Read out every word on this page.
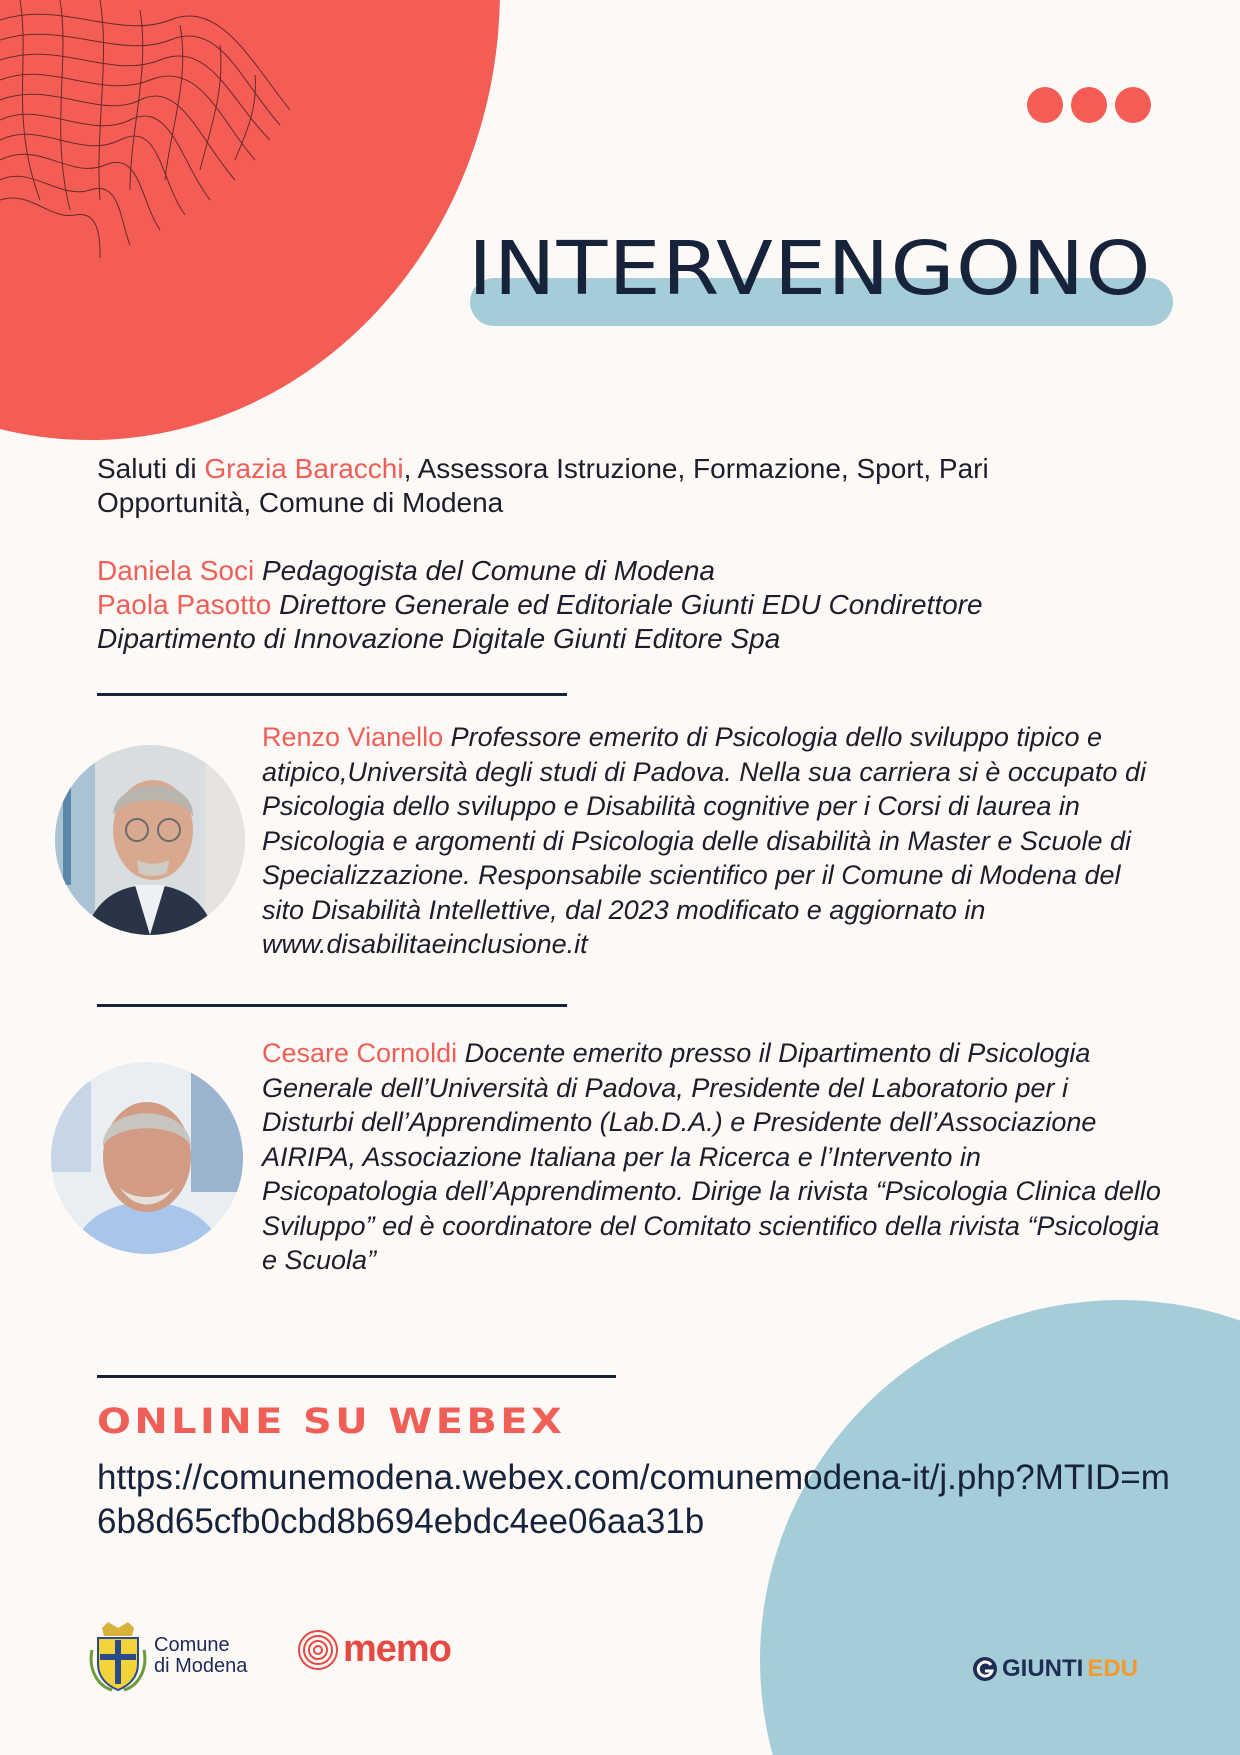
INTERVENGONO

Saluti di Grazia Baracchi, Assessora Istruzione, Formazione, Sport, Pari Opportunità, Comune di Modena

Daniela Soci Pedagogista del Comune di Modena

Paola Pasotto Direttore Generale ed Editoriale Giunti EDU Condirettore Dipartimento di Innovazione Digitale Giunti Editore Spa

Renzo Vianello Professore emerito di Psicologia dello sviluppo tipico e atipico,Università degli studi di Padova. Nella sua carriera si è occupato di Psicologia dello sviluppo e Disabilità cognitive per i Corsi di laurea in Psicologia e argomenti di Psicologia delle disabilità in Master e Scuole di Specializzazione. Responsabile scientifico per il Comune di Modena del sito Disabilità Intellettive, dal 2023 modificato e aggiornato in www.disabilitaeinclusione.it

Cesare Cornoldi Docente emerito presso il Dipartimento di Psicologia Generale dell’Università di Padova, Presidente del Laboratorio per i Disturbi dell’Apprendimento (Lab.D.A.) e Presidente dell’Associazione AIRIPA, Associazione Italiana per la Ricerca e l’Intervento in Psicopatologia dell’Apprendimento. Dirige la rivista “Psicologia Clinica dello Sviluppo” ed è coordinatore del Comitato scientifico della rivista “Psicologia e Scuola”

ONLINE SU WEBEX
https://comunemodena.webex.com/comunemodena-it/j.php?MTID=m6b8d65cfb0cbd8b694ebdc4ee06aa31b
Comune
di Modena	memo	GIUNTI EDU
